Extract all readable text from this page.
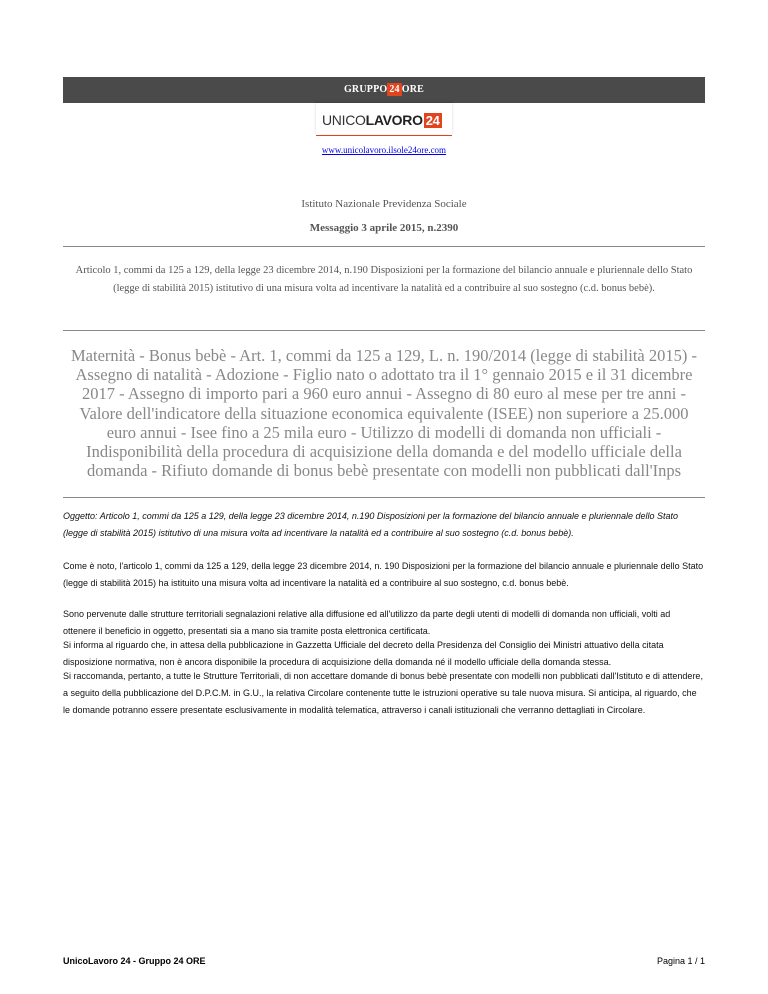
GRUPPO 24 ORE
UNICOLAVORO 24
www.unicolavoro.ilsole24ore.com
Istituto Nazionale Previdenza Sociale
Messaggio 3 aprile 2015, n.2390
Articolo 1, commi da 125 a 129, della legge 23 dicembre 2014, n.190 Disposizioni per la formazione del bilancio annuale e pluriennale dello Stato (legge di stabilità 2015) istitutivo di una misura volta ad incentivare la natalità ed a contribuire al suo sostegno (c.d. bonus bebè).
Maternità - Bonus bebè - Art. 1, commi da 125 a 129, L. n. 190/2014 (legge di stabilità 2015) - Assegno di natalità - Adozione - Figlio nato o adottato tra il 1° gennaio 2015 e il 31 dicembre 2017 - Assegno di importo pari a 960 euro annui - Assegno di 80 euro al mese per tre anni - Valore dell'indicatore della situazione economica equivalente (ISEE) non superiore a 25.000 euro annui - Isee fino a 25 mila euro - Utilizzo di modelli di domanda non ufficiali - Indisponibilità della procedura di acquisizione della domanda e del modello ufficiale della domanda - Rifiuto domande di bonus bebè presentate con modelli non pubblicati dall'Inps
Oggetto: Articolo 1, commi da 125 a 129, della legge 23 dicembre 2014, n.190 Disposizioni per la formazione del bilancio annuale e pluriennale dello Stato (legge di stabilità 2015) istitutivo di una misura volta ad incentivare la natalità ed a contribuire al suo sostegno (c.d. bonus bebè).
Come è noto, l'articolo 1, commi da 125 a 129, della legge 23 dicembre 2014, n. 190 Disposizioni per la formazione del bilancio annuale e pluriennale dello Stato (legge di stabilità 2015) ha istituito una misura volta ad incentivare la natalità ed a contribuire al suo sostegno, c.d. bonus bebè.
Sono pervenute dalle strutture territoriali segnalazioni relative alla diffusione ed all'utilizzo da parte degli utenti di modelli di domanda non ufficiali, volti ad ottenere il beneficio in oggetto, presentati sia a mano sia tramite posta elettronica certificata.
Si informa al riguardo che, in attesa della pubblicazione in Gazzetta Ufficiale del decreto della Presidenza del Consiglio dei Ministri attuativo della citata disposizione normativa, non è ancora disponibile la procedura di acquisizione della domanda né il modello ufficiale della domanda stessa.
Si raccomanda, pertanto, a tutte le Strutture Territoriali, di non accettare domande di bonus bebè presentate con modelli non pubblicati dall'Istituto e di attendere, a seguito della pubblicazione del D.P.C.M. in G.U., la relativa Circolare contenente tutte le istruzioni operative su tale nuova misura. Si anticipa, al riguardo, che le domande potranno essere presentate esclusivamente in modalità telematica, attraverso i canali istituzionali che verranno dettagliati in Circolare.
UnicoLavoro 24 - Gruppo 24 ORE	Pagina 1 / 1
